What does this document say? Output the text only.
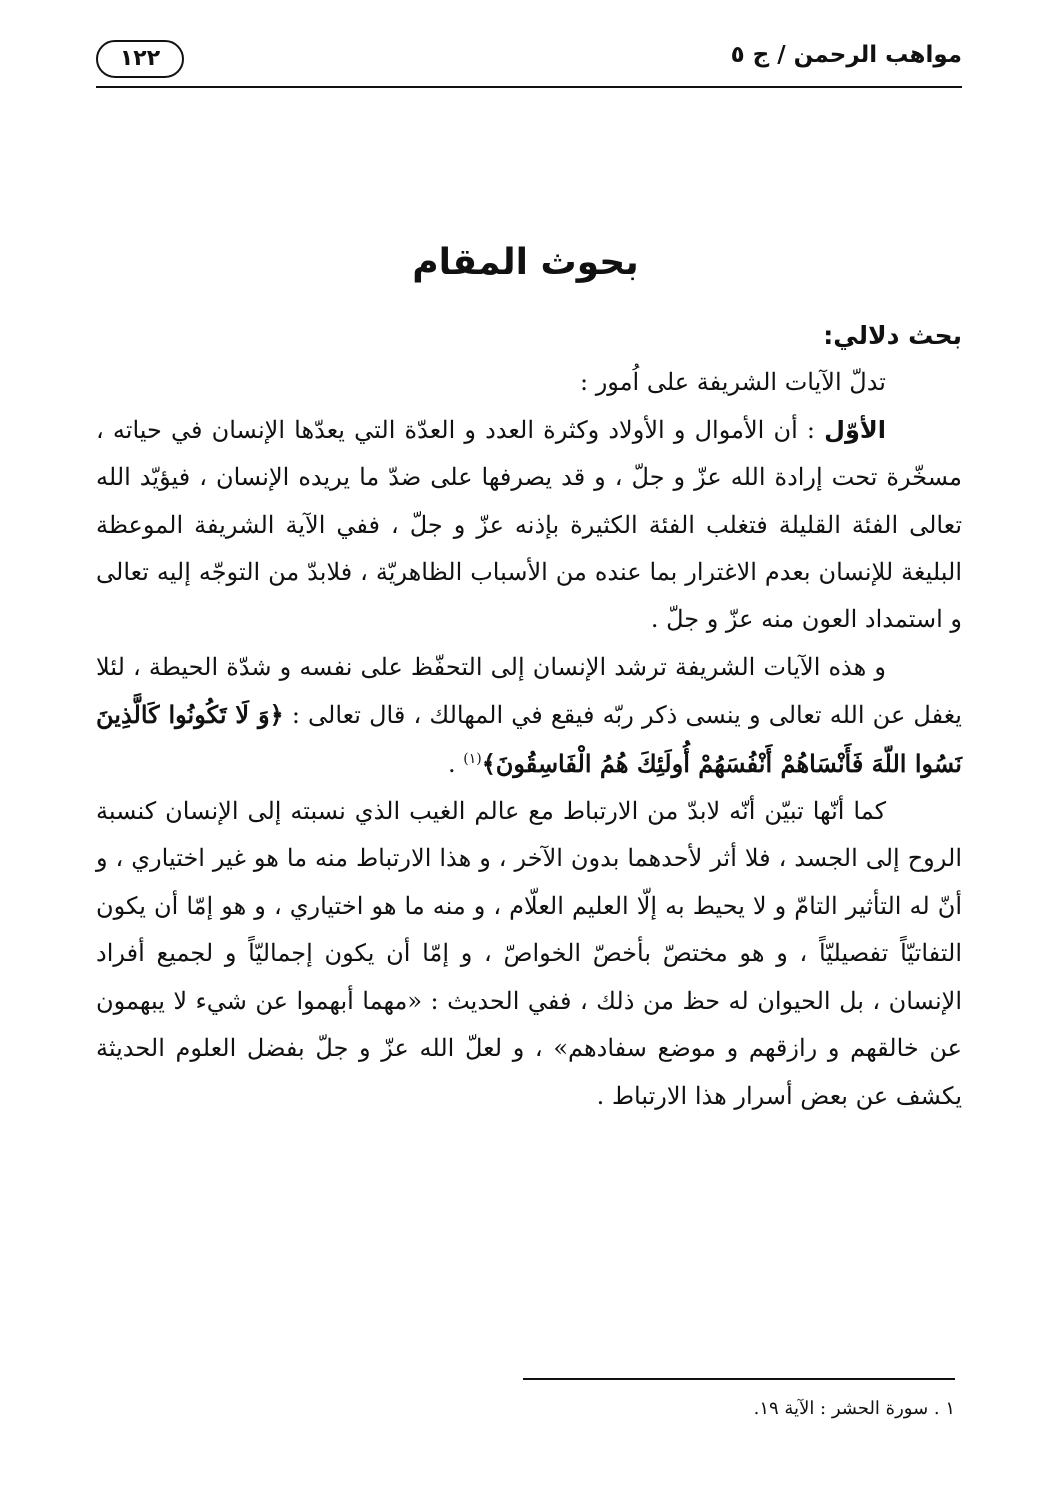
مواهب الرحمن / ج ٥
١٢٢
بحوث المقام

بحث دلالي:

تدلّ الآيات الشريفة على اُمور :

الأوّل : أن الأموال و الأولاد وكثرة العدد و العدّة التي يعدّها الإنسان في حياته ، مسخّرة تحت إرادة الله عزّ و جلّ ، و قد يصرفها على ضدّ ما يريده الإنسان ، فيؤيّد الله تعالى الفئة القليلة فتغلب الفئة الكثيرة بإذنه عزّ و جلّ ، ففي الآية الشريفة الموعظة البليغة للإنسان بعدم الاغترار بما عنده من الأسباب الظاهريّة ، فلابدّ من التوجّه إليه تعالى و استمداد العون منه عزّ و جلّ .

و هذه الآيات الشريفة ترشد الإنسان إلى التحفّظ على نفسه و شدّة الحيطة ، لئلا يغفل عن الله تعالى و ينسى ذكر ربّه فيقع في المهالك ، قال تعالى : ﴿وَ لَا تَكُونُوا كَالَّذِينَ نَسُوا اللّهَ فَأَنْسَاهُمْ أَنْفُسَهُمْ أُولَئِكَ هُمُ الْفَاسِقُونَ﴾$^{(١)}$ .

كما أنّها تبيّن أنّه لابدّ من الارتباط مع عالم الغيب الذي نسبته إلى الإنسان كنسبة الروح إلى الجسد ، فلا أثر لأحدهما بدون الآخر ، و هذا الارتباط منه ما هو غير اختياري ، و أنّ له التأثير التامّ و لا يحيط به إلّا العليم العلّام ، و منه ما هو اختياري ، و هو إمّا أن يكون التفاتيّاً تفصيليّاً ، و هو مختصّ بأخصّ الخواصّ ، و إمّا أن يكون إجماليّاً و لجميع أفراد الإنسان ، بل الحيوان له حظ من ذلك ، ففي الحديث : «مهما أبهموا عن شيء لا يبهمون عن خالقهم و رازقهم و موضع سفادهم» ، و لعلّ الله عزّ و جلّ بفضل العلوم الحديثة يكشف عن بعض أسرار هذا الارتباط .

١ . سورة الحشر : الآية ١٩.
